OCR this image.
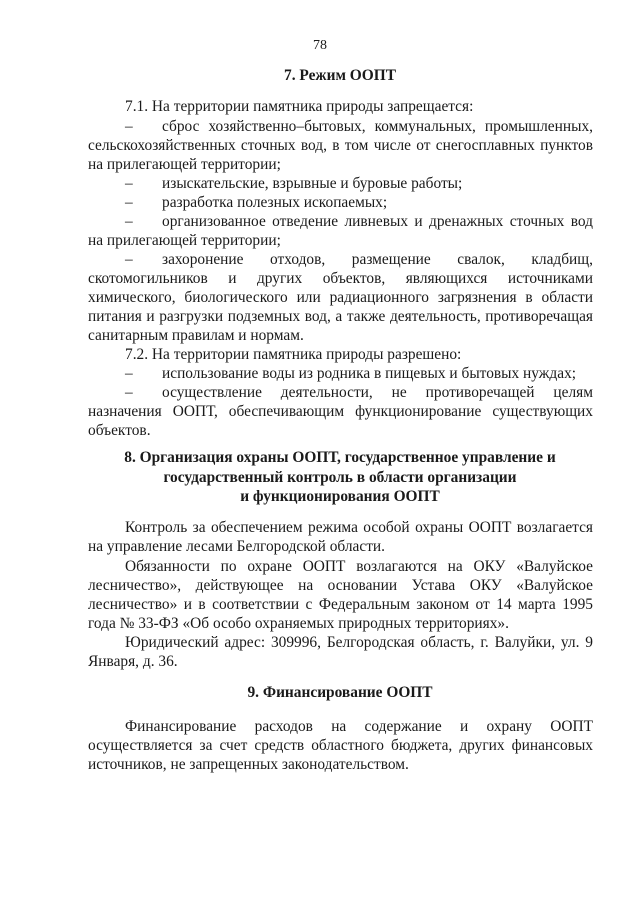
78
7. Режим ООПТ
7.1. На территории памятника природы запрещается:
– сброс хозяйственно–бытовых, коммунальных, промышленных, сельскохозяйственных сточных вод, в том числе от снегосплавных пунктов на прилегающей территории;
– изыскательские, взрывные и буровые работы;
– разработка полезных ископаемых;
– организованное отведение ливневых и дренажных сточных вод на прилегающей территории;
– захоронение отходов, размещение свалок, кладбищ, скотомогильников и других объектов, являющихся источниками химического, биологического или радиационного загрязнения в области питания и разгрузки подземных вод, а также деятельность, противоречащая санитарным правилам и нормам.
7.2. На территории памятника природы разрешено:
– использование воды из родника в пищевых и бытовых нуждах;
– осуществление деятельности, не противоречащей целям назначения ООПТ, обеспечивающим функционирование существующих объектов.
8. Организация охраны ООПТ, государственное управление и
государственный контроль в области организации
и функционирования ООПТ
Контроль за обеспечением режима особой охраны ООПТ возлагается на управление лесами Белгородской области.
Обязанности по охране ООПТ возлагаются на ОКУ «Валуйское лесничество», действующее на основании Устава ОКУ «Валуйское лесничество» и в соответствии с Федеральным законом от 14 марта 1995 года № 33-ФЗ «Об особо охраняемых природных территориях».
Юридический адрес: 309996, Белгородская область, г. Валуйки, ул. 9 Января, д. 36.
9. Финансирование ООПТ
Финансирование расходов на содержание и охрану ООПТ осуществляется за счет средств областного бюджета, других финансовых источников, не запрещенных законодательством.
